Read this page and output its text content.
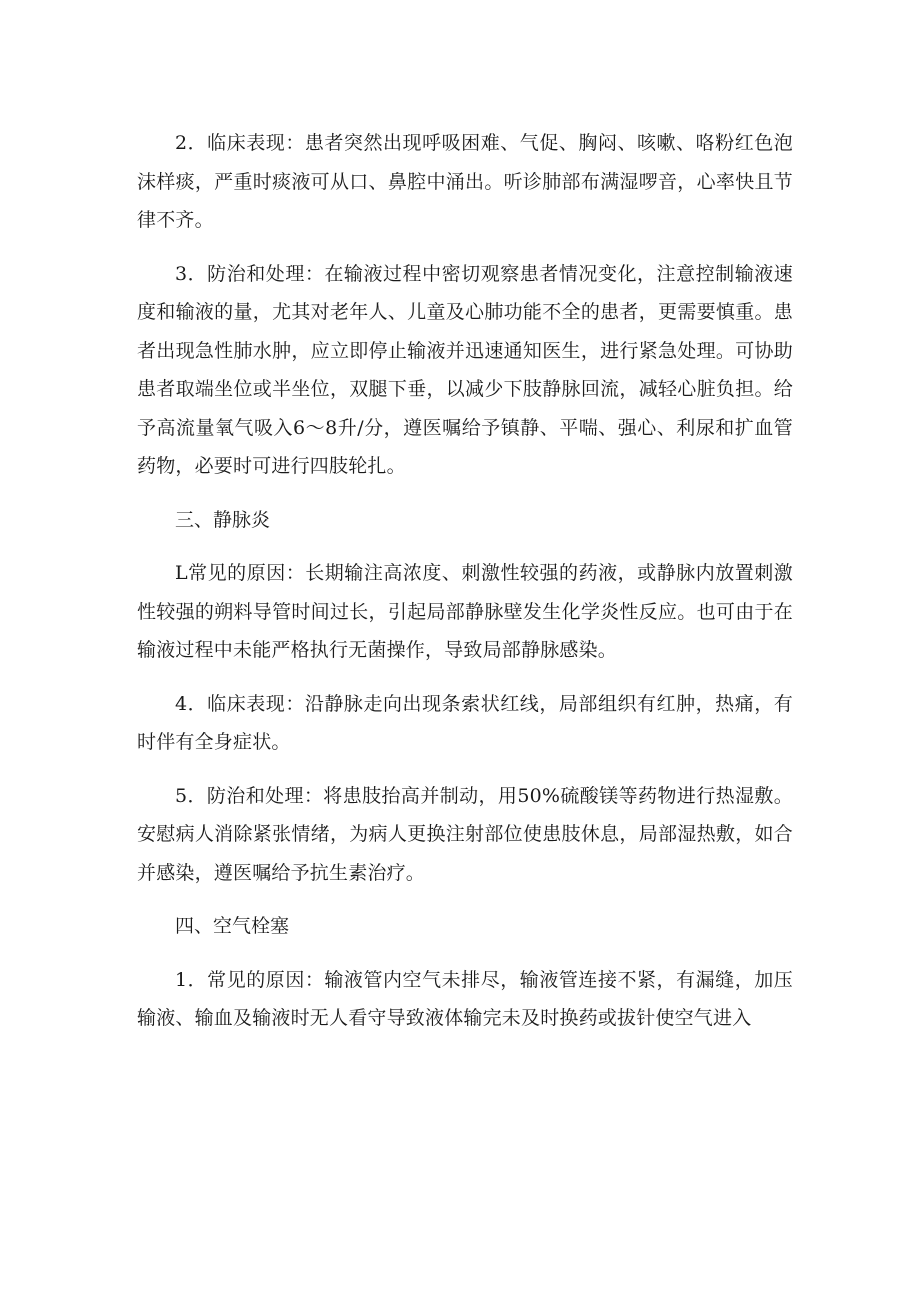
2．临床表现：患者突然出现呼吸困难、气促、胸闷、咳嗽、咯粉红色泡沫样痰，严重时痰液可从口、鼻腔中涌出。听诊肺部布满湿啰音，心率快且节律不齐。

3．防治和处理：在输液过程中密切观察患者情况变化，注意控制输液速度和输液的量，尤其对老年人、儿童及心肺功能不全的患者，更需要慎重。患者出现急性肺水肿，应立即停止输液并迅速通知医生，进行紧急处理。可协助患者取端坐位或半坐位，双腿下垂，以减少下肢静脉回流，减轻心脏负担。给予高流量氧气吸入6～8升/分，遵医嘱给予镇静、平喘、强心、利尿和扩血管药物，必要时可进行四肢轮扎。

三、静脉炎

L常见的原因：长期输注高浓度、刺激性较强的药液，或静脉内放置刺激性较强的朔料导管时间过长，引起局部静脉壁发生化学炎性反应。也可由于在输液过程中未能严格执行无菌操作，导致局部静脉感染。

4．临床表现：沿静脉走向出现条索状红线，局部组织有红肿，热痛，有时伴有全身症状。

5．防治和处理：将患肢抬高并制动，用50%硫酸镁等药物进行热湿敷。安慰病人消除紧张情绪，为病人更换注射部位使患肢休息，局部湿热敷，如合并感染，遵医嘱给予抗生素治疗。

四、空气栓塞

1．常见的原因：输液管内空气未排尽，输液管连接不紧，有漏缝，加压输液、输血及输液时无人看守导致液体输完未及时换药或拔针使空气进入
